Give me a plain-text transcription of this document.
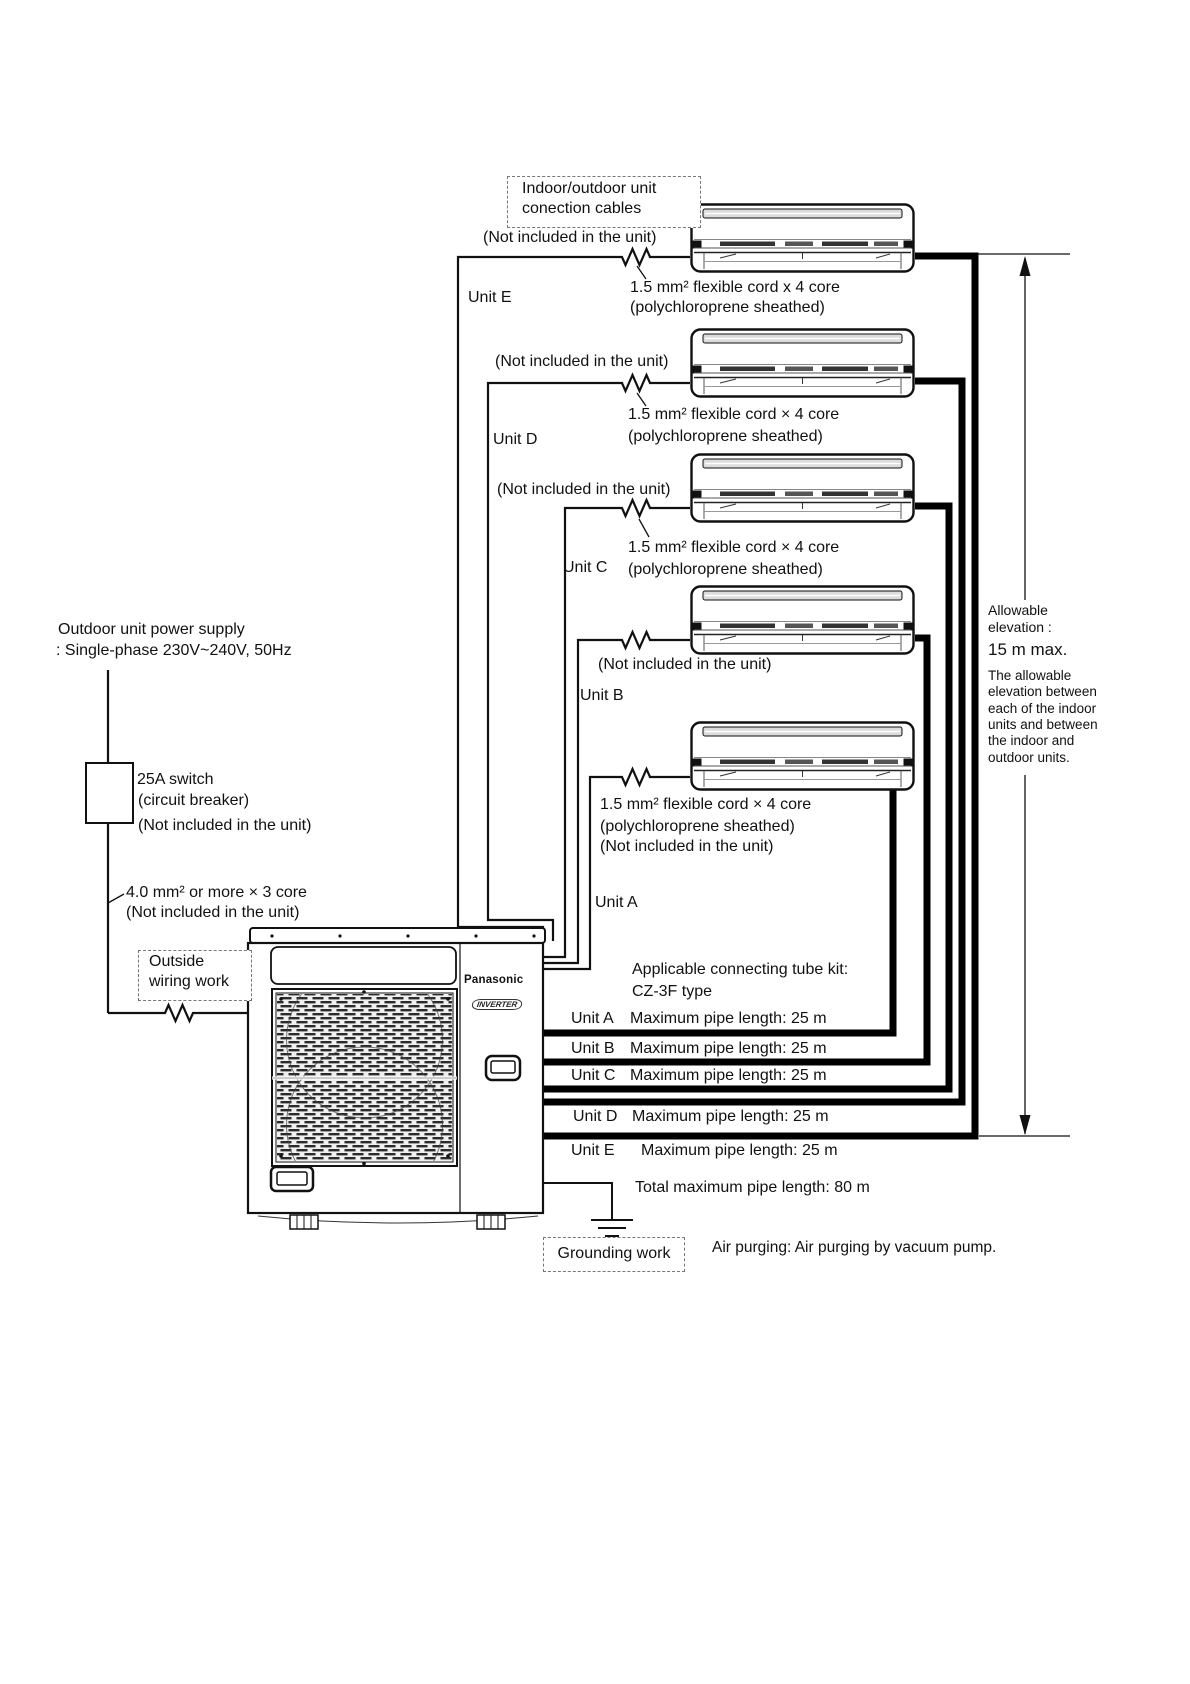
Indoor/outdoor unit
conection cables
(Not included in the unit)
1.5 mm² flexible cord x 4 core
(polychloroprene sheathed)
Unit E
(Not included in the unit)
1.5 mm² flexible cord × 4 core
(polychloroprene sheathed)
Unit D
(Not included in the unit)
1.5 mm² flexible cord × 4 core
(polychloroprene sheathed)
Unit C
(Not included in the unit)
Unit B
1.5 mm² flexible cord × 4 core
(polychloroprene sheathed)
(Not included in the unit)
Unit A
Outdoor unit power supply
: Single-phase 230V~240V, 50Hz
25A switch
(circuit breaker)
(Not included in the unit)
4.0 mm² or more × 3 core
(Not included in the unit)
Outside
wiring work	Panasonic
INVERTER
Applicable connecting tube kit:
CZ-3F type
Unit A Maximum pipe length: 25 m
Unit B Maximum pipe length: 25 m
Unit C Maximum pipe length: 25 m
Unit D Maximum pipe length: 25 m
Unit E Maximum pipe length: 25 m
Total maximum pipe length: 80 m
Grounding work	Air purging: Air purging by vacuum pump.
Allowable
elevation :
15 m max.
The allowable elevation between each of the indoor units and between the indoor and outdoor units.
